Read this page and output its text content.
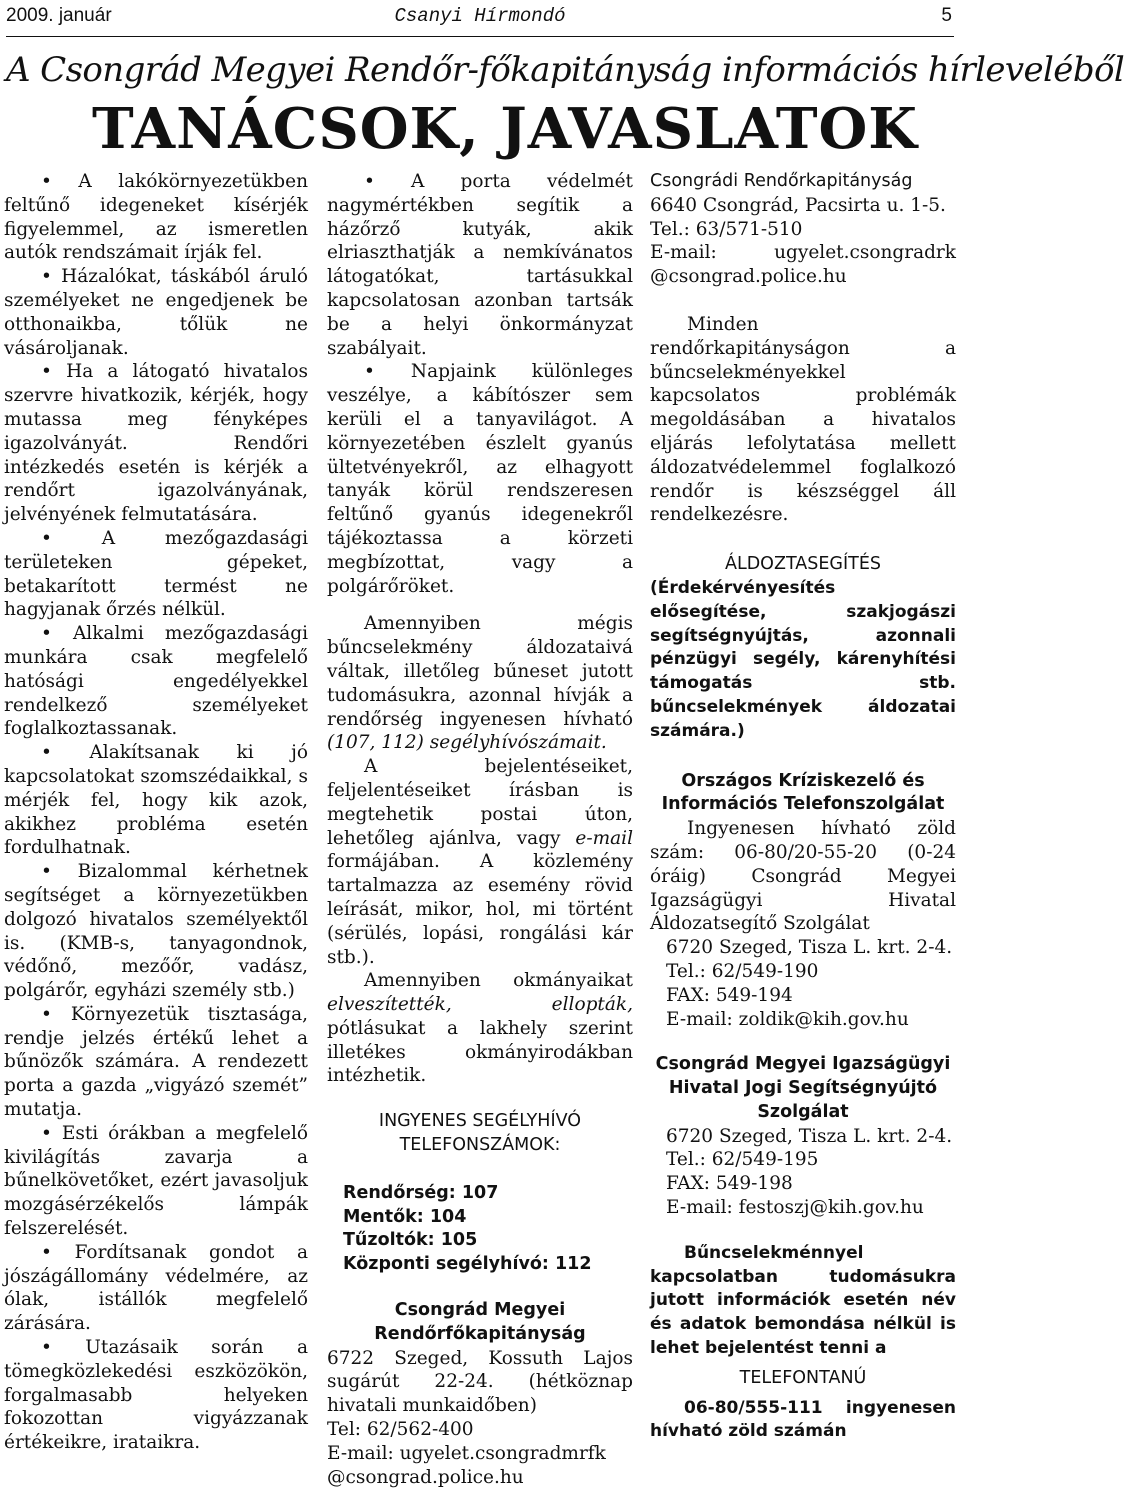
2009. január	Csanyi Hírmondó	5
A Csongrád Megyei Rendőr-főkapitányság információs hírleveléből
TANÁCSOK, JAVASLATOK

• A lakókörnyezetükben feltűnő idegeneket kísérjék figyelemmel, az ismeretlen autók rendszámait írják fel.

• Házalókat, táskából áruló személyeket ne engedjenek be otthonaikba, tőlük ne vásároljanak.

• Ha a látogató hivatalos szervre hivatkozik, kérjék, hogy mutassa meg fényképes igazolványát. Rendőri intézkedés esetén is kérjék a rendőrt igazolványának, jelvényének felmutatására.

• A mezőgazdasági területeken gépeket, betakarított termést ne hagyjanak őrzés nélkül.

• Alkalmi mezőgazdasági munkára csak megfelelő hatósági engedélyekkel rendelkező személyeket foglalkoztassanak.

• Alakítsanak ki jó kapcsolatokat szomszédaikkal, s mérjék fel, hogy kik azok, akikhez probléma esetén fordulhatnak.

• Bizalommal kérhetnek segítséget a környezetükben dolgozó hivatalos személyektől is. (KMB-s, tanyagondnok, védőnő, mezőőr, vadász, polgárőr, egyházi személy stb.)

• Környezetük tisztasága, rendje jelzés értékű lehet a bűnözők számára. A rendezett porta a gazda „vigyázó szemét” mutatja.

• Esti órákban a megfelelő kivilágítás zavarja a bűnelkövetőket, ezért javasoljuk mozgásérzékelős lámpák felszerelését.

• Fordítsanak gondot a jószágállomány védelmére, az ólak, istállók megfelelő zárására.

• Utazásaik során a tömegközlekedési eszközökön, forgalmasabb helyeken fokozottan vigyázzanak értékeikre, irataikra.

• A porta védelmét nagymértékben segítik a házőrző kutyák, akik elriaszthatják a nemkívánatos látogatókat, tartásukkal kapcsolatosan azonban tartsák be a helyi önkormányzat szabályait.

• Napjaink különleges veszélye, a kábítószer sem kerüli el a tanyavilágot. A környezetében észlelt gyanús ültetvényekről, az elhagyott tanyák körül rendszeresen feltűnő gyanús idegenekről tájékoztassa a körzeti megbízottat, vagy a polgárőröket.

Amennyiben mégis bűncselekmény áldozataivá váltak, illetőleg bűneset jutott tudomásukra, azonnal hívják a rendőrség ingyenesen hívható (107, 112) segélyhívószámait.

A bejelentéseiket, feljelentéseiket írásban is megtehetik postai úton, lehetőleg ajánlva, vagy e-mail formájában. A közlemény tartalmazza az esemény rövid leírását, mikor, hol, mi történt (sérülés, lopási, rongálási kár stb.).

Amennyiben okmányaikat elveszítették, ellopták, pótlásukat a lakhely szerint illetékes okmányirodákban intézhetik.

INGYENES SEGÉLYHÍVÓ TELEFONSZÁMOK:

Rendőrség: 107

Mentők: 104

Tűzoltók: 105

Központi segélyhívó: 112

Csongrád Megyei Rendőrfőkapitányság

6722 Szeged, Kossuth Lajos sugárút 22-24. (hétköznap hivatali munkaidőben)

Tel: 62/562-400

E-mail: ugyelet.csongradmrfk @csongrad.police.hu

Csongrádi Rendőrkapitányság

6640 Csongrád, Pacsirta u. 1-5.

Tel.: 63/571-510

E-mail: ugyelet.csongradrk @csongrad.police.hu

Minden rendőrkapitányságon a bűncselekményekkel kapcsolatos problémák megoldásában a hivatalos eljárás lefolytatása mellett áldozatvédelemmel foglalkozó rendőr is készséggel áll rendelkezésre.

ÁLDOZTASEGÍTÉS

(Érdekérvényesítés elősegítése, szakjogászi segítségnyújtás, azonnali pénzügyi segély, kárenyhítési támogatás stb. bűncselekmények áldozatai számára.)

Országos Kríziskezelő és Információs Telefonszolgálat

Ingyenesen hívható zöld szám: 06-80/20-55-20 (0-24 óráig) Csongrád Megyei Igazságügyi Hivatal Áldozatsegítő Szolgálat

6720 Szeged, Tisza L. krt. 2-4.

Tel.: 62/549-190

FAX: 549-194

E-mail: zoldik@kih.gov.hu

Csongrád Megyei Igazságügyi Hivatal Jogi Segítségnyújtó Szolgálat

6720 Szeged, Tisza L. krt. 2-4.

Tel.: 62/549-195

FAX: 549-198

E-mail: festoszj@kih.gov.hu

Bűncselekménnyel kapcsolatban tudomásukra jutott információk esetén név és adatok bemondása nélkül is lehet bejelentést tenni a

TELEFONTANÚ

06-80/555-111 ingyenesen hívható zöld számán
